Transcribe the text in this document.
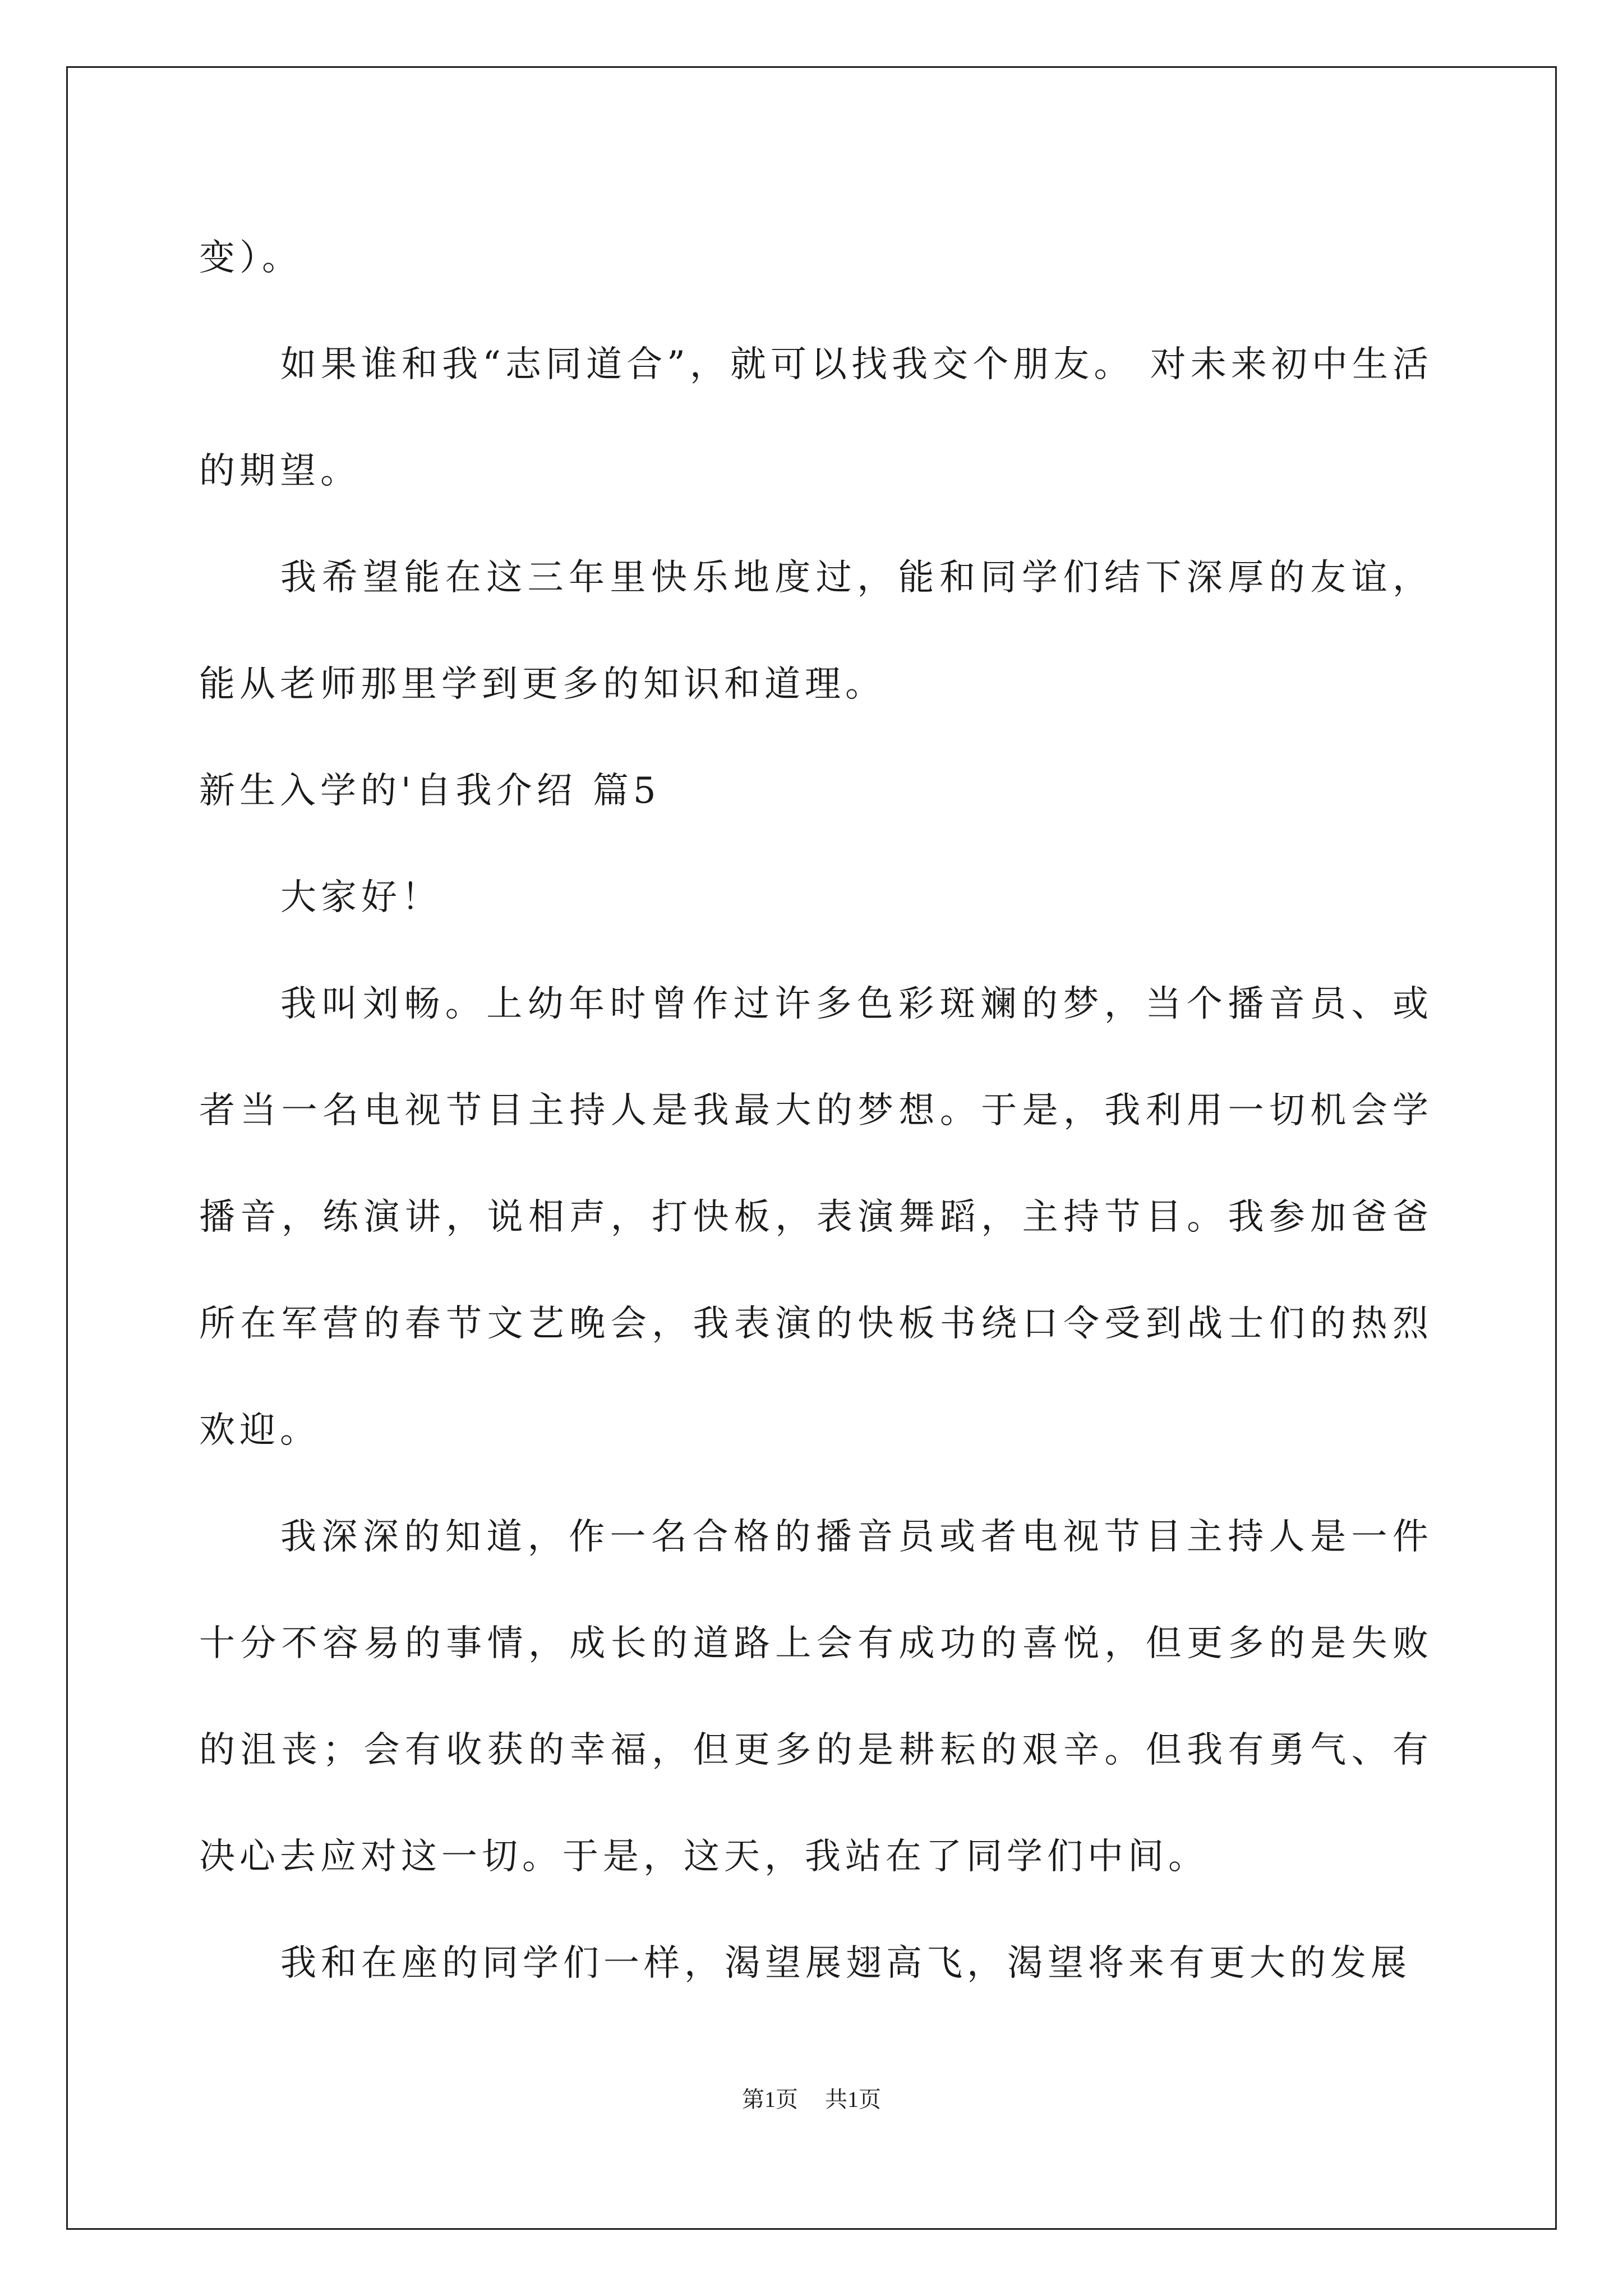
变）。

如果谁和我“志同道合”，就可以找我交个朋友。 对未来初中生活的期望。

我希望能在这三年里快乐地度过，能和同学们结下深厚的友谊，能从老师那里学到更多的知识和道理。

新生入学的'自我介绍 篇5

大家好！

我叫刘畅。上幼年时曾作过许多色彩斑斓的梦，当个播音员、或者当一名电视节目主持人是我最大的梦想。于是，我利用一切机会学播音，练演讲，说相声，打快板，表演舞蹈，主持节目。我参加爸爸所在军营的春节文艺晚会，我表演的快板书绕口令受到战士们的热烈欢迎。

我深深的知道，作一名合格的播音员或者电视节目主持人是一件十分不容易的事情，成长的道路上会有成功的喜悦，但更多的是失败的沮丧；会有收获的幸福，但更多的是耕耘的艰辛。但我有勇气、有决心去应对这一切。于是，这天，我站在了同学们中间。

我和在座的同学们一样，渴望展翅高飞，渴望将来有更大的发展

第1页 共1页
